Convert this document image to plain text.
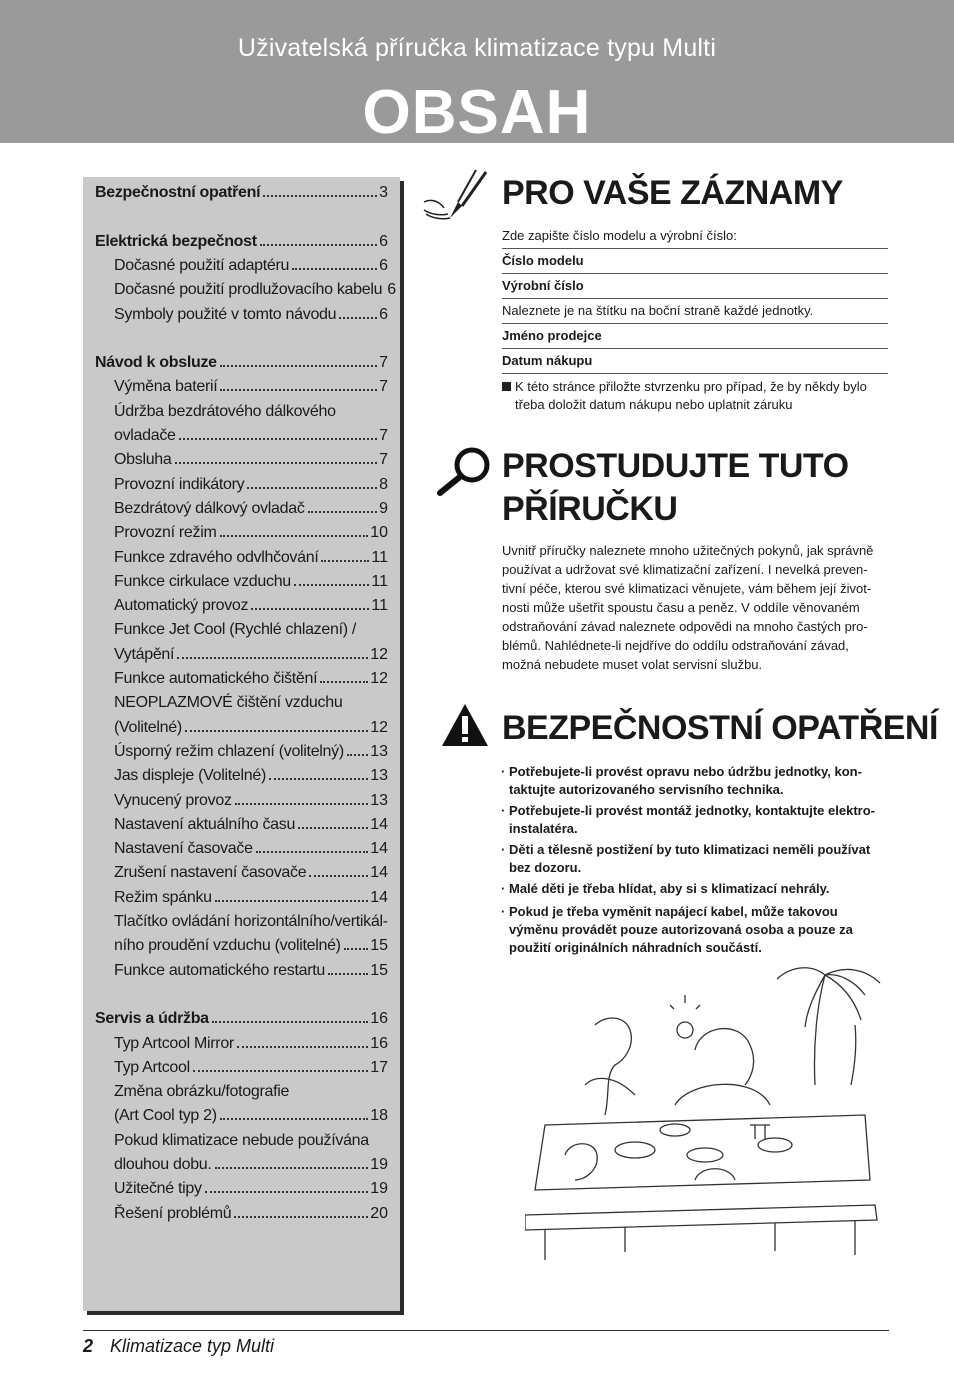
Uživatelská příručka klimatizace typu Multi
OBSAH
Bezpečnostní opatření	3
Elektrická bezpečnost	6
Dočasné použití adaptéru	6
Dočasné použití prodlužovacího kabelu 6
Symboly použité v tomto návodu	6
Návod k obsluze	7
Výměna baterií	7
Údržba bezdrátového dálkového
ovladače	7
Obsluha	7
Provozní indikátory	8
Bezdrátový dálkový ovladač	9
Provozní režim	10
Funkce zdravého odvlhčování	11
Funkce cirkulace vzduchu	11
Automatický provoz	11
Funkce Jet Cool (Rychlé chlazení) /
Vytápění	12
Funkce automatického čištění	12
NEOPLAZMOVÉ čištění vzduchu
(Volitelné)	12
Úsporný režim chlazení (volitelný) 13
Jas displeje (Volitelné)	13
Vynucený provoz	13
Nastavení aktuálního času	14
Nastavení časovače	14
Zrušení nastavení časovače	14
Režim spánku	14
Tlačítko ovládání horizontálního/vertikál-
ního proudění vzduchu (volitelné) 15
Funkce automatického restartu	15
Servis a údržba	16
Typ Artcool Mirror	16
Typ Artcool	17
Změna obrázku/fotografie
(Art Cool typ 2)	18
Pokud klimatizace nebude používána
dlouhou dobu.	19
Užitečné tipy	19
Řešení problémů	20
PRO VAŠE ZÁZNAMY
Zde zapište číslo modelu a výrobní číslo:
Číslo modelu
Výrobní číslo
Naleznete je na štítku na boční straně každé jednotky.
Jméno prodejce
Datum nákupu
K této stránce přiložte stvrzenku pro případ, že by někdy bylo
třeba doložit datum nákupu nebo uplatnit záruku
PROSTUDUJTE TUTO
PŘÍRUČKU
Uvnitř příručky naleznete mnoho užitečných pokynů, jak správně
používat a udržovat své klimatizační zařízení. I nevelká preven-
tivní péče, kterou své klimatizaci věnujete, vám během její život-
nosti může ušetřit spoustu času a peněz. V oddíle věnovaném
odstraňování závad naleznete odpovědi na mnoho častých pro-
blémů. Nahlédnete-li nejdříve do oddílu odstraňování závad,
možná nebudete muset volat servisní službu.
BEZPEČNOSTNÍ OPATŘENÍ
· Potřebujete-li provést opravu nebo údržbu jednotky, kon-
taktujte autorizovaného servisního technika.
· Potřebujete-li provést montáž jednotky, kontaktujte elektro-
instalatéra.
· Děti a tělesně postižení by tuto klimatizaci neměli používat
bez dozoru.
· Malé děti je třeba hlídat, aby si s klimatizací nehrály.
· Pokud je třeba vyměnit napájecí kabel, může takovou
výměnu provádět pouze autorizovaná osoba a pouze za
použití originálních náhradních součástí.
2 Klimatizace typ Multi
